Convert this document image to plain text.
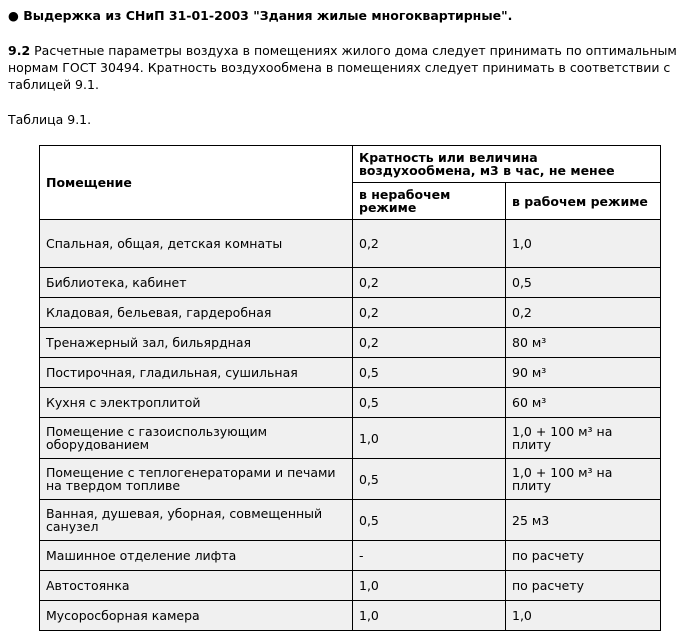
● Выдержка из СНиП 31-01-2003 "Здания жилые многоквартирные".
9.2 Расчетные параметры воздуха в помещениях жилого дома следует принимать по оптимальным
нормам ГОСТ 30494. Кратность воздухообмена в помещениях следует принимать в соответствии с
таблицей 9.1.
Таблица 9.1.
Помещение	Кратность или величина воздухообмена, м3 в час, не менее	
	в нерабочем режиме	в рабочем режиме
Спальная, общая, детская комнаты	0,2	1,0
Библиотека, кабинет	0,2	0,5
Кладовая, бельевая, гардеробная	0,2	0,2
Тренажерный зал, бильярдная	0,2	80 м³
Постирочная, гладильная, сушильная	0,5	90 м³
Кухня с электроплитой	0,5	60 м³
Помещение с газоиспользующим оборудованием	1,0	1,0 + 100 м³ на плиту
Помещение с теплогенераторами и печами на твердом топливе	0,5	1,0 + 100 м³ на плиту
Ванная, душевая, уборная, совмещенный санузел	0,5	25 м3
Машинное отделение лифта	-	по расчету
Автостоянка	1,0	по расчету
Мусоросборная камера	1,0	1,0
